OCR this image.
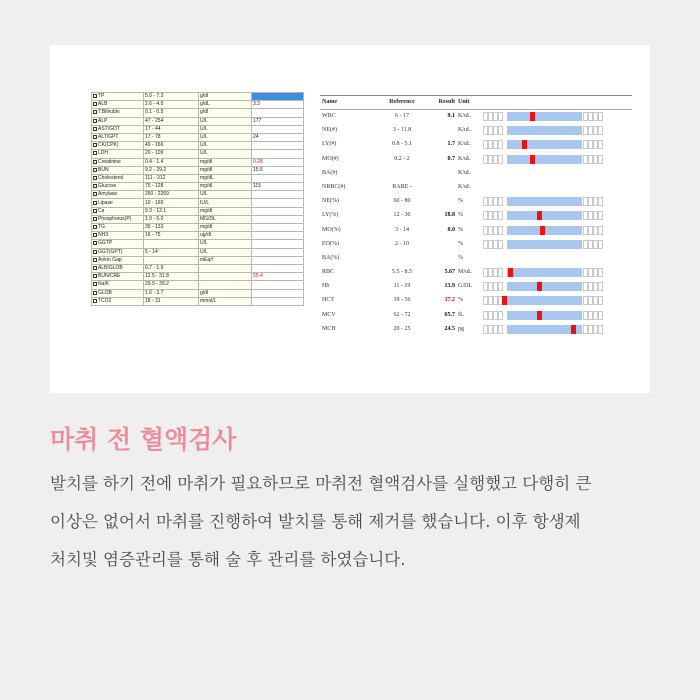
TP	5.0 - 7.2	g/dl	
ALB	2.6 - 4.0	g/dL	3.3
T.Bilirubin	0.1 - 0.5	g/dl	
ALP	47 - 254	U/L	177
AST/GOT	17 - 44	U/L	
ALT/GPT	17 - 78	U/L	24
CK(CPK)	49 - 166	U/L	
LDH	20 - 109	U/L	
Creatinine	0.4 - 1.4	mg/dl	0.28
BUN	9.2 - 29.2	mg/dl	15.5
Cholesterol	111 - 312	mg/dL	
Glucose	75 - 128	mg/dl	115
Amylase	260 - 2269	U/L	
Lipase	10 - 160	IU/L	
Ca	9.3 - 12.1	mg/dl	
Phosphorus(P)	1.9 - 5.0	MG/DL	
TG	30 - 133	mg/dl	
NH3	16 - 75	ug/dl	
GGTP		U/L	
GGT(GPT)	5 - 14	U/L	
Anion Gap		mEq/l	
ALB/GLOB	0.7 - 1.9		
BUN/CRE	12.5 - 31.8		55.4
Na/K	29.9 - 39.2		
GLOB	1.6 - 3.7	g/dl	
TCO2	18 - 31	mmol/L	
Name	Reference	Result Unit
WBC	6 - 17	9.1 K/uL
NE(#)	3 - 11.8	K/uL
LY(#)	0.8 - 5.1	1.7 K/uL
MO(#)	0.2 - 2	0.7 K/uL
BA(#)	K/uL
NRBC(#)	RARE -	K/uL
NE(%)	60 - 80	%
LY(%)	12 - 30	18.8 %
MO(%)	3 - 14	8.0 %
EO(%)	2 - 10	%
BA(%)	%
RBC	5.5 - 8.5	5.67 M/uL
Hb	11 - 19	13.9 G/DL
HCT	39 - 56	37.2 %
MCV	62 - 72	65.7 fL
MCH	20 - 25	24.5 pg
마취 전 혈액검사
발치를 하기 전에 마취가 필요하므로 마취전 혈액검사를 실행했고 다행히 큰
이상은 없어서 마취를 진행하여 발치를 통해 제거를 했습니다. 이후 항생제
처치및 염증관리를 통해 술 후 관리를 하였습니다.
